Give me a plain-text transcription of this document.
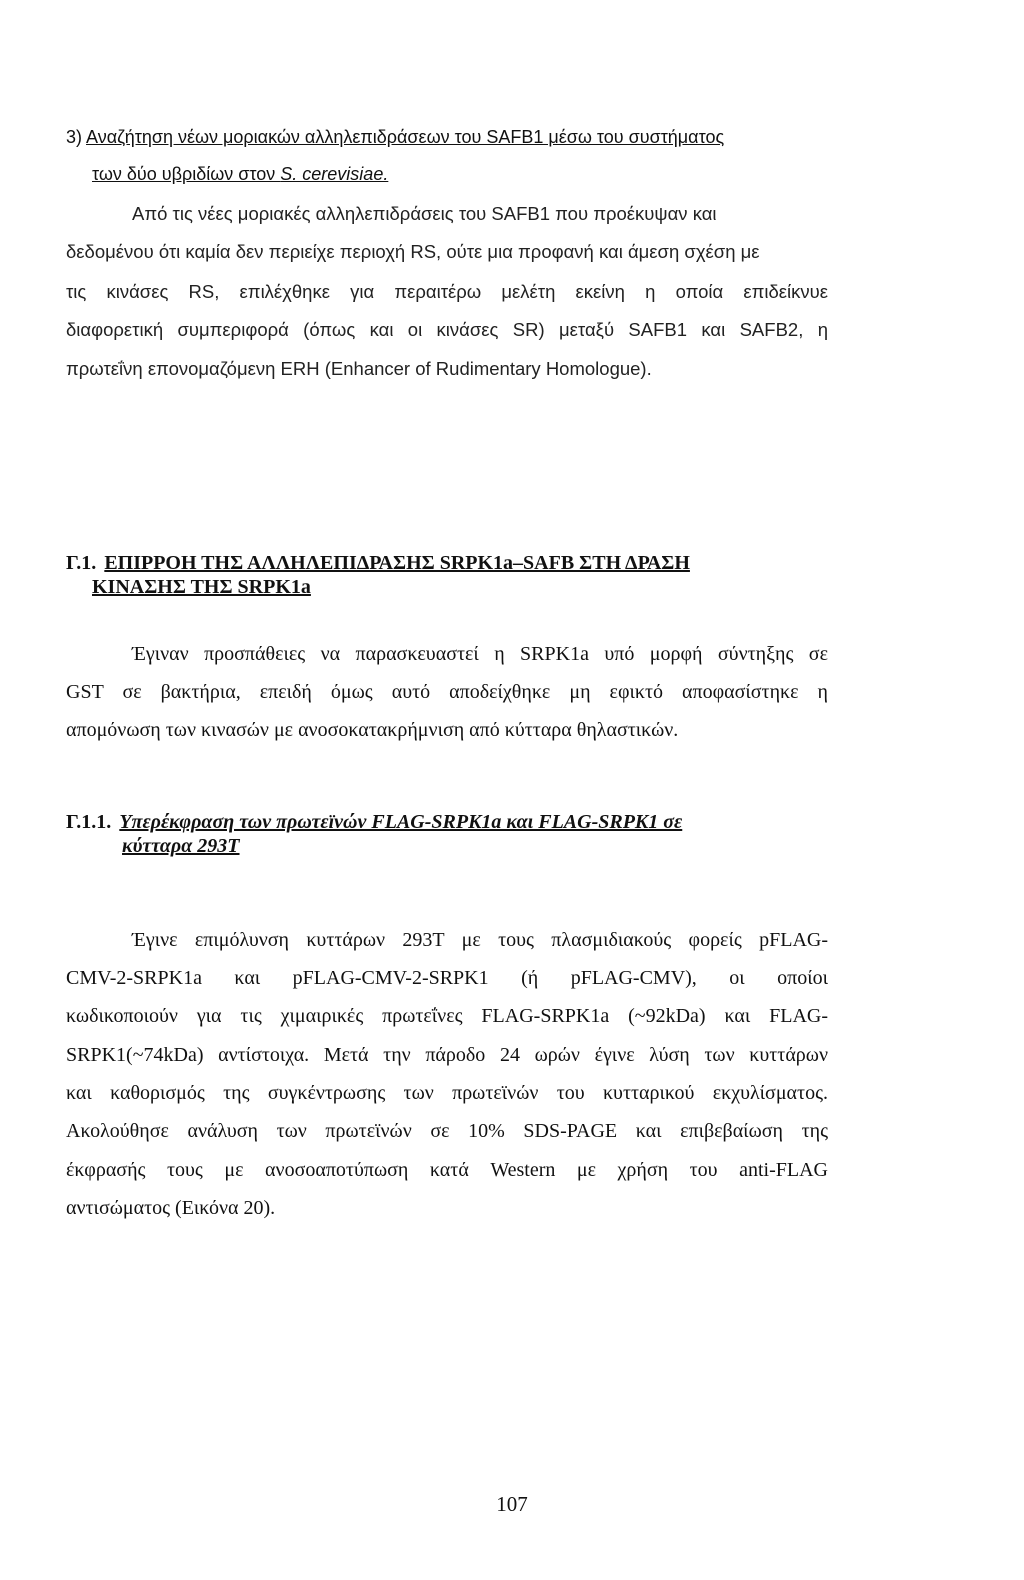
3) Αναζήτηση νέων μοριακών αλληλεπιδράσεων του SAFB1 μέσω του συστήματος
των δύο υβριδίων στον S. cerevisiae.
Από τις νέες μοριακές αλληλεπιδράσεις του SAFB1 που προέκυψαν και
δεδομένου ότι καμία δεν περιείχε περιοχή RS, ούτε μια προφανή και άμεση σχέση με
τις κινάσες RS, επιλέχθηκε για περαιτέρω μελέτη εκείνη η οποία επιδείκνυε
διαφορετική συμπεριφορά (όπως και οι κινάσες SR) μεταξύ SAFB1 και SAFB2, η
πρωτεΐνη επονομαζόμενη ERH (Enhancer of Rudimentary Homologue).
Γ.1. ΕΠΙΡΡΟΗ ΤΗΣ ΑΛΛΗΛΕΠΙΔΡΑΣΗΣ SRPK1a–SAFB ΣΤΗ ΔΡΑΣΗ
ΚΙΝΑΣΗΣ ΤΗΣ SRPK1a
Έγιναν προσπάθειες να παρασκευαστεί η SRPK1a υπό μορφή σύντηξης σε
GST σε βακτήρια, επειδή όμως αυτό αποδείχθηκε μη εφικτό αποφασίστηκε η
απομόνωση των κινασών με ανοσοκατακρήμνιση από κύτταρα θηλαστικών.
Γ.1.1. Υπερέκφραση των πρωτεϊνών FLAG-SRPK1a και FLAG-SRPK1 σε
κύτταρα 293Τ
Έγινε επιμόλυνση κυττάρων 293Τ με τους πλασμιδιακούς φορείς pFLAG-
CMV-2-SRPK1a και pFLAG-CMV-2-SRPK1 (ή pFLAG-CMV), οι οποίοι
κωδικοποιούν για τις χιμαιρικές πρωτεΐνες FLAG-SRPK1a (~92kDa) και FLAG-
SRPK1(~74kDa) αντίστοιχα. Μετά την πάροδο 24 ωρών έγινε λύση των κυττάρων
και καθορισμός της συγκέντρωσης των πρωτεϊνών του κυτταρικού εκχυλίσματος.
Ακολούθησε ανάλυση των πρωτεϊνών σε 10% SDS-PAGE και επιβεβαίωση της
έκφρασής τους με ανοσοαποτύπωση κατά Western με χρήση του anti-FLAG
αντισώματος (Εικόνα 20).
107
